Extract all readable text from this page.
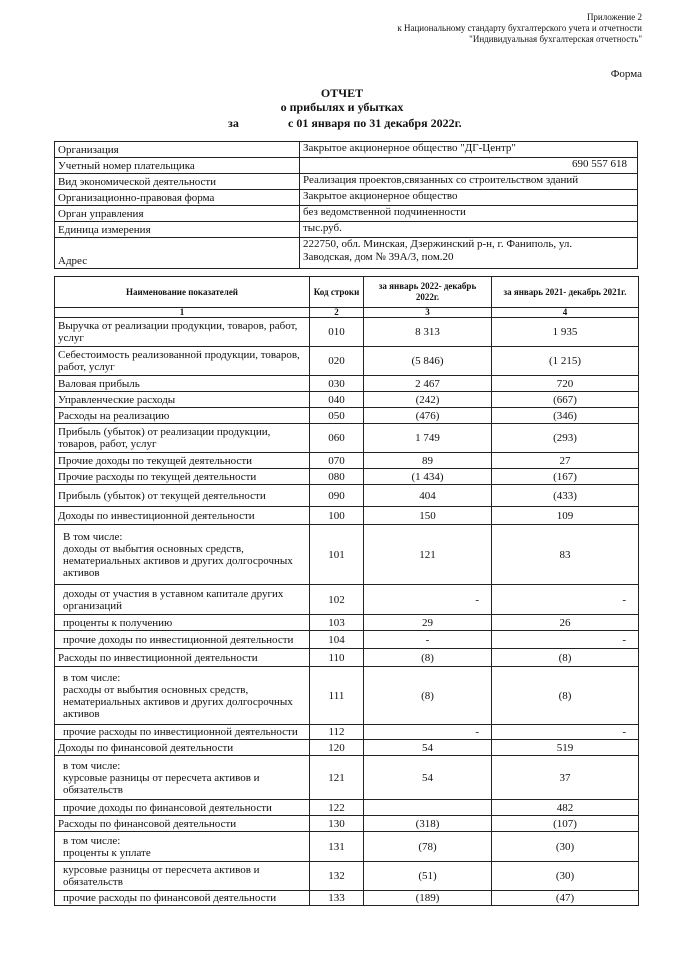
Приложение 2
к Национальному стандарту бухгалтерского учета и отчетности
"Индивидуальная бухгалтерская отчетность"
Форма
ОТЧЕТ
о прибылях и убытках
за	с 01 января по 31 декабря 2022г.
Организация	Закрытое акционерное общество "ДГ-Центр"
Учетный номер плательщика	690 557 618
Вид экономической деятельности	Реализация проектов,связанных со строительством зданий
Организационно-правовая форма	Закрытое акционерное общество
Орган управления	без ведомственной подчиненности
Единица измерения	тыс.руб.
Адрес	222750, обл. Минская, Дзержинский р-н, г. Фаниполь, ул.
Заводская, дом № 39А/3, пом.20
Наименование показателей	Код строки	за январь 2022- декабрь 2022г.	за январь 2021- декабрь 2021г.
1	2	3	4
Выручка от реализации продукции, товаров, работ, услуг	010	8 313	1 935
Себестоимость реализованной продукции, товаров, работ, услуг	020	(5 846)	(1 215)
Валовая прибыль	030	2 467	720
Управленческие расходы	040	(242)	(667)
Расходы на реализацию	050	(476)	(346)
Прибыль (убыток) от реализации продукции, товаров, работ, услуг	060	1 749	(293)
Прочие доходы по текущей деятельности	070	89	27
Прочие расходы по текущей деятельности	080	(1 434)	(167)
Прибыль (убыток) от текущей деятельности	090	404	(433)
Доходы по инвестиционной деятельности	100	150	109

В том числе:
доходы от выбытия основных средств, нематериальных активов и других долгосрочных активов	101	121	83
доходы от участия в уставном капитале других организаций	102	-	-
проценты к получению	103	29	26
прочие доходы по инвестиционной деятельности	104	-	-
Расходы по инвестиционной деятельности	110	(8)	(8)

в том числе:
расходы от выбытия основных средств, нематериальных активов и других долгосрочных активов	111	(8)	(8)
прочие расходы по инвестиционной деятельности	112	-	-
Доходы по финансовой деятельности	120	54	519

в том числе:
курсовые разницы от пересчета активов и обязательств	121	54	37
прочие доходы по финансовой деятельности	122		482
Расходы по финансовой деятельности	130	(318)	(107)

в том числе:
проценты к уплате	131	(78)	(30)
курсовые разницы от пересчета активов и обязательств	132	(51)	(30)
прочие расходы по финансовой деятельности	133	(189)	(47)
